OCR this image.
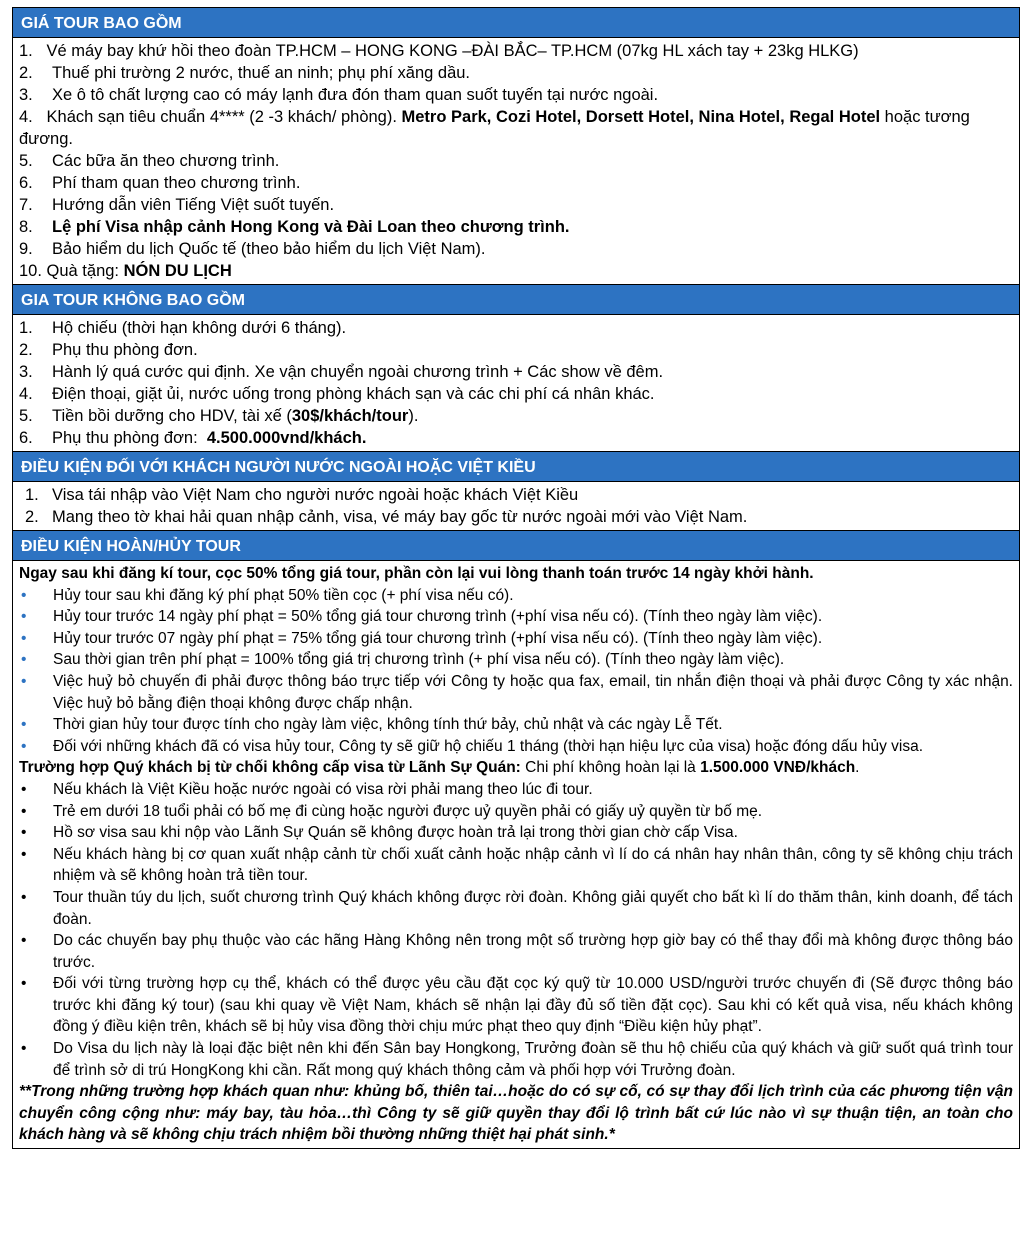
GIÁ TOUR BAO GỒM
1. Vé máy bay khứ hồi theo đoàn TP.HCM – HONG KONG –ĐÀI BẮC– TP.HCM (07kg HL xách tay + 23kg HLKG)
2.	Thuế phi trường 2 nước, thuế an ninh; phụ phí xăng dầu.
3.	Xe ô tô chất lượng cao có máy lạnh đưa đón tham quan suốt tuyến tại nước ngoài.
4. Khách sạn tiêu chuẩn 4**** (2 -3 khách/ phòng). Metro Park, Cozi Hotel, Dorsett Hotel, Nina Hotel, Regal Hotel hoặc tương đương.
5.	Các bữa ăn theo chương trình.
6.	Phí tham quan theo chương trình.
7.	Hướng dẫn viên Tiếng Việt suốt tuyến.
8.	Lệ phí Visa nhập cảnh Hong Kong và Đài Loan theo chương trình.
9.	Bảo hiểm du lịch Quốc tế (theo bảo hiểm du lịch Việt Nam).
10. Quà tặng: NÓN DU LỊCH
GIA TOUR KHÔNG BAO GỒM
1.	Hộ chiếu (thời hạn không dưới 6 tháng).
2.	Phụ thu phòng đơn.
3.	Hành lý quá cước qui định. Xe vận chuyển ngoài chương trình + Các show về đêm.
4.	Điện thoại, giặt ủi, nước uống trong phòng khách sạn và các chi phí cá nhân khác.
5.	Tiền bồi dưỡng cho HDV, tài xế (30$/khách/tour).
6.	Phụ thu phòng đơn:  4.500.000vnd/khách.
ĐIỀU KIỆN ĐỐI VỚI KHÁCH NGƯỜI NƯỚC NGOÀI HOẶC VIỆT KIỀU
1. Visa tái nhập vào Việt Nam cho người nước ngoài hoặc khách Việt Kiều
2. Mang theo tờ khai hải quan nhập cảnh, visa, vé máy bay gốc từ nước ngoài mới vào Việt Nam.
ĐIỀU KIỆN HOÀN/HỦY TOUR
Ngay sau khi đăng kí tour, cọc 50% tổng giá tour, phần còn lại vui lòng thanh toán trước 14 ngày khởi hành.
•	Hủy tour sau khi đăng ký phí phạt 50% tiền cọc (+ phí visa nếu có).
•	Hủy tour trước 14 ngày phí phạt = 50% tổng giá tour chương trình (+phí visa nếu có). (Tính theo ngày làm việc).
•	Hủy tour trước 07 ngày phí phạt = 75% tổng giá tour chương trình (+phí visa nếu có). (Tính theo ngày làm việc).
•	Sau thời gian trên phí phạt = 100% tổng giá trị chương trình (+ phí visa nếu có). (Tính theo ngày làm việc).
•	Việc huỷ bỏ chuyến đi phải được thông báo trực tiếp với Công ty hoặc qua fax, email, tin nhắn điện thoại và phải được Công ty xác nhận. Việc huỷ bỏ bằng điện thoại không được chấp nhận.
•	Thời gian hủy tour được tính cho ngày làm việc, không tính thứ bảy, chủ nhật và các ngày Lễ Tết.
•	Đối với những khách đã có visa hủy tour, Công ty sẽ giữ hộ chiếu 1 tháng (thời hạn hiệu lực của visa) hoặc đóng dấu hủy visa.
Trường hợp Quý khách bị từ chối không cấp visa từ Lãnh Sự Quán: Chi phí không hoàn lại là 1.500.000 VNĐ/khách.
•	Nếu khách là Việt Kiều hoặc nước ngoài có visa rời phải mang theo lúc đi tour.
•	Trẻ em dưới 18 tuổi phải có bố mẹ đi cùng hoặc người được uỷ quyền phải có giấy uỷ quyền từ bố mẹ.
•	Hồ sơ visa sau khi nộp vào Lãnh Sự Quán sẽ không được hoàn trả lại trong thời gian chờ cấp Visa.
•	Nếu khách hàng bị cơ quan xuất nhập cảnh từ chối xuất cảnh hoặc nhập cảnh vì lí do cá nhân hay nhân thân, công ty sẽ không chịu trách nhiệm và sẽ không hoàn trả tiền tour.
•	Tour thuần túy du lịch, suốt chương trình Quý khách không được rời đoàn. Không giải quyết cho bất kì lí do thăm thân, kinh doanh, để tách đoàn.
•	Do các chuyến bay phụ thuộc vào các hãng Hàng Không nên trong một số trường hợp giờ bay có thể thay đổi mà không được thông báo trước.
•	Đối với từng trường hợp cụ thể, khách có thể được yêu cầu đặt cọc ký quỹ từ 10.000 USD/người trước chuyến đi (Sẽ được thông báo trước khi đăng ký tour) (sau khi quay về Việt Nam, khách sẽ nhận lại đầy đủ số tiền đặt cọc). Sau khi có kết quả visa, nếu khách không đồng ý điều kiện trên, khách sẽ bị hủy visa đồng thời chịu mức phạt theo quy định “Điều kiện hủy phạt”.
•	Do Visa du lịch này là loại đặc biệt nên khi đến Sân bay Hongkong, Trưởng đoàn sẽ thu hộ chiếu của quý khách và giữ suốt quá trình tour để trình sở di trú HongKong khi cần. Rất mong quý khách thông cảm và phối hợp với Trưởng đoàn.
**Trong những trường hợp khách quan như: khủng bố, thiên tai…hoặc do có sự cố, có sự thay đổi lịch trình của các phương tiện vận chuyển công cộng như: máy bay, tàu hỏa…thì Công ty sẽ giữ quyền thay đổi lộ trình bất cứ lúc nào vì sự thuận tiện, an toàn cho khách hàng và sẽ không chịu trách nhiệm bồi thường những thiệt hại phát sinh.*
